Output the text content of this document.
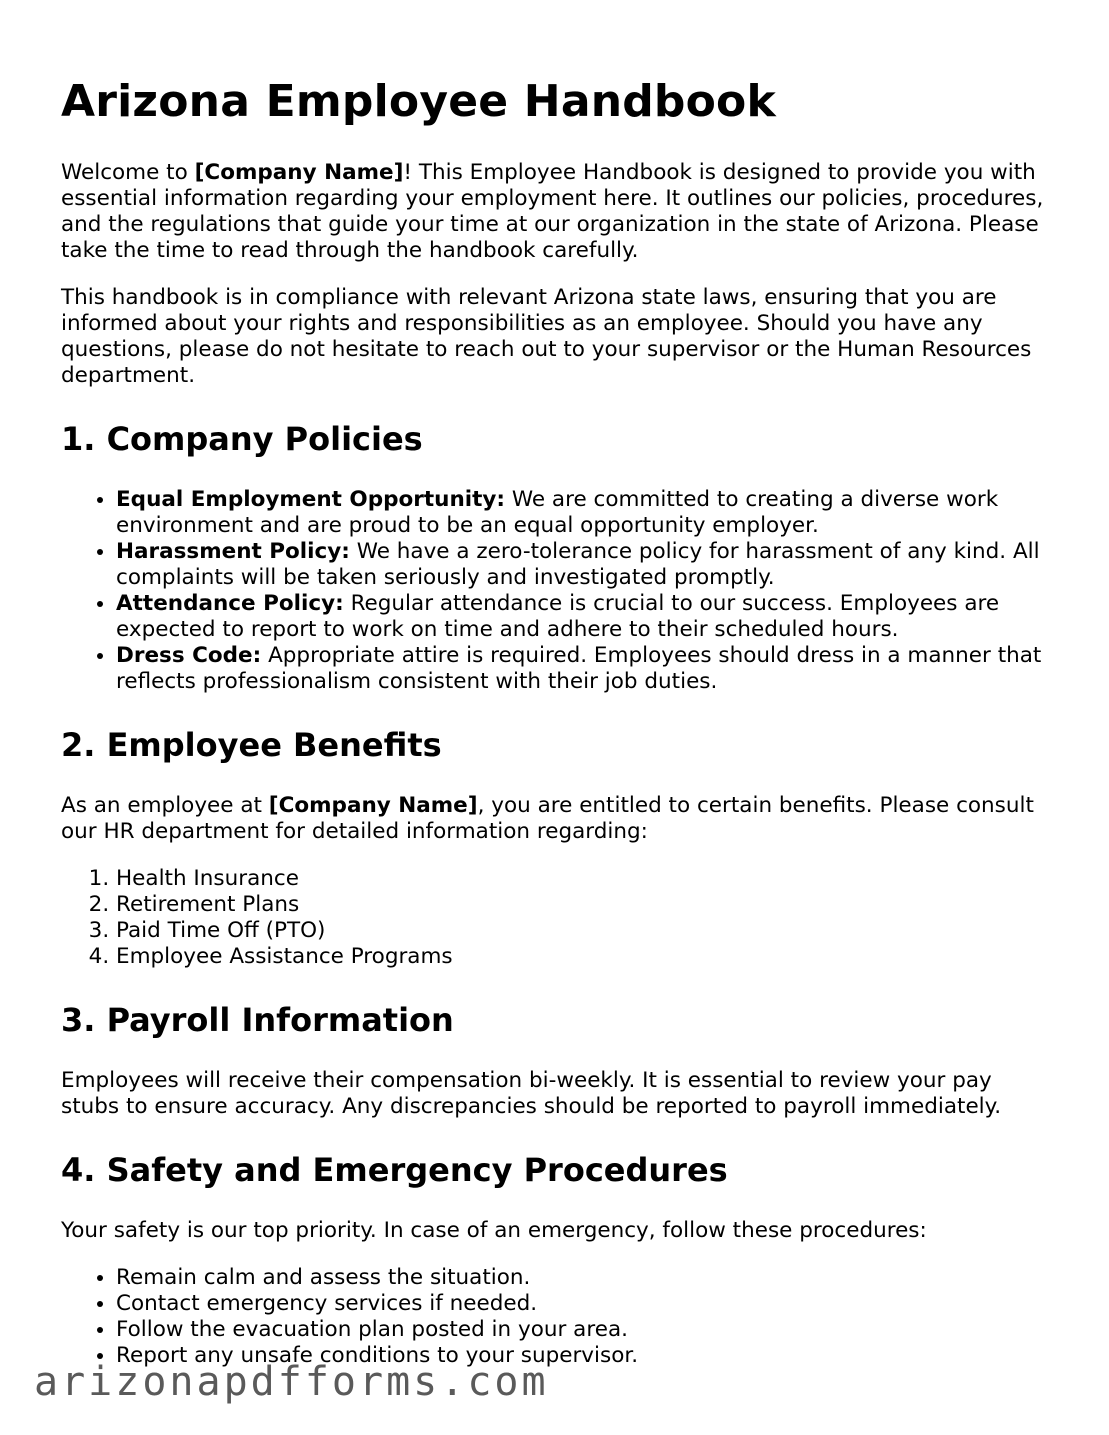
Arizona Employee Handbook

Welcome to [Company Name]! This Employee Handbook is designed to provide you with essential information regarding your employment here. It outlines our policies, procedures, and the regulations that guide your time at our organization in the state of Arizona. Please take the time to read through the handbook carefully.

This handbook is in compliance with relevant Arizona state laws, ensuring that you are informed about your rights and responsibilities as an employee. Should you have any questions, please do not hesitate to reach out to your supervisor or the Human Resources department.

1. Company Policies
• Equal Employment Opportunity: We are committed to creating a diverse work environment and are proud to be an equal opportunity employer.
• Harassment Policy: We have a zero-tolerance policy for harassment of any kind. All complaints will be taken seriously and investigated promptly.
• Attendance Policy: Regular attendance is crucial to our success. Employees are expected to report to work on time and adhere to their scheduled hours.
• Dress Code: Appropriate attire is required. Employees should dress in a manner that reflects professionalism consistent with their job duties.
2. Employee Benefits

As an employee at [Company Name], you are entitled to certain benefits. Please consult our HR department for detailed information regarding:

1. Health Insurance
2. Retirement Plans
3. Paid Time Off (PTO)
4. Employee Assistance Programs
3. Payroll Information

Employees will receive their compensation bi-weekly. It is essential to review your pay stubs to ensure accuracy. Any discrepancies should be reported to payroll immediately.

4. Safety and Emergency Procedures

Your safety is our top priority. In case of an emergency, follow these procedures:

• Remain calm and assess the situation.
• Contact emergency services if needed.
• Follow the evacuation plan posted in your area.
• Report any unsafe conditions to your supervisor.
arizonapdfforms.com
